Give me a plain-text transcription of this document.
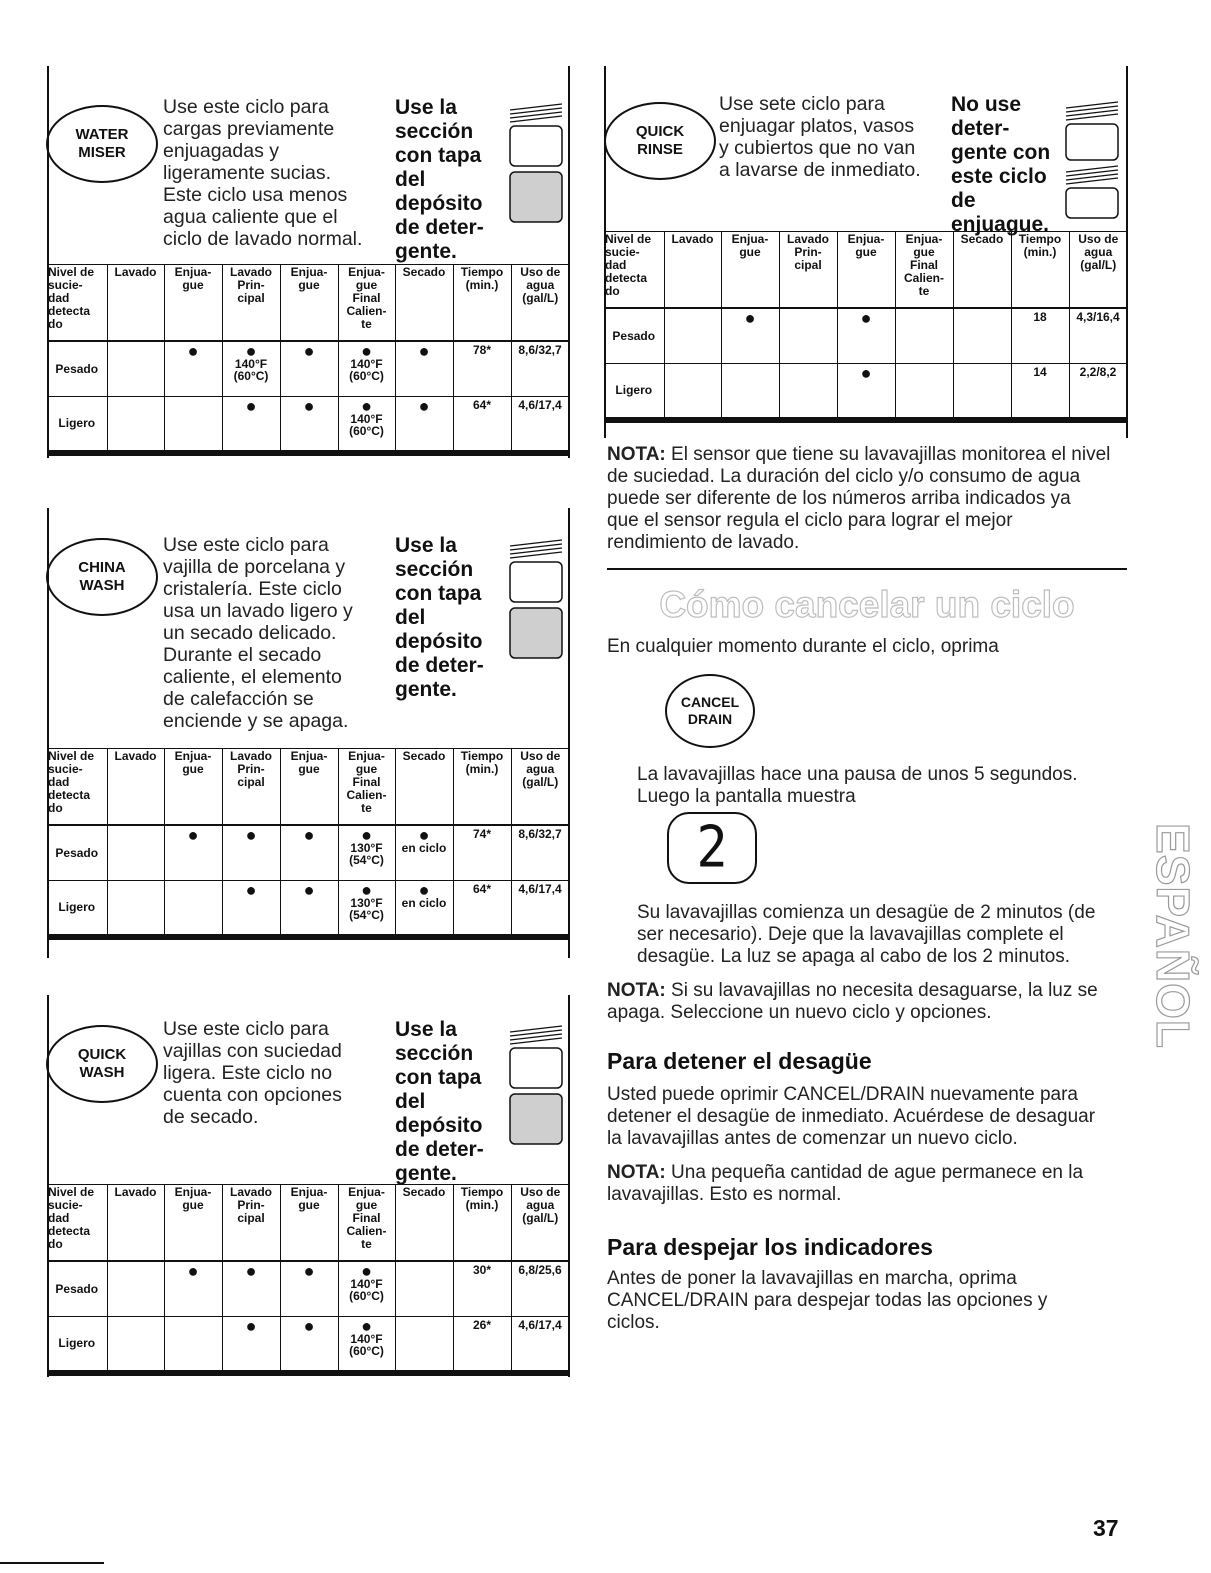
WATER
MISER
Use este ciclo para
cargas previamente
enjuagadas y
ligeramente sucias.
Este ciclo usa menos
agua caliente que el
ciclo de lavado normal.
Use la
sección
con tapa
del
depósito
de deter-
gente.
Nivel de
sucie-
dad
detecta
do	Lavado	Enjua-
gue	Lavado
Prin-
cipal	Enjua-
gue	Enjua-
gue
Final
Calien-
te	Secado	Tiempo
(min.)	Uso de
agua
(gal/L)
Pesado		●	●
140°F
(60°C)	●	●
140°F
(60°C)	●	78*	8,6/32,7
Ligero			●	●	●
140°F
(60°C)	●	64*	4,6/17,4
CHINA
WASH
Use este ciclo para
vajilla de porcelana y
cristalería. Este ciclo
usa un lavado ligero y
un secado delicado.
Durante el secado
caliente, el elemento
de calefacción se
enciende y se apaga.
Use la
sección
con tapa
del
depósito
de deter-
gente.
Nivel de
sucie-
dad
detecta
do	Lavado	Enjua-
gue	Lavado
Prin-
cipal	Enjua-
gue	Enjua-
gue
Final
Calien-
te	Secado	Tiempo
(min.)	Uso de
agua
(gal/L)
Pesado		●	●	●	●
130°F
(54°C)	●
en ciclo	74*	8,6/32,7
Ligero			●	●	●
130°F
(54°C)	●
en ciclo	64*	4,6/17,4
QUICK
WASH
Use este ciclo para
vajillas con suciedad
ligera. Este ciclo no
cuenta con opciones
de secado.
Use la
sección
con tapa
del
depósito
de deter-
gente.
Nivel de
sucie-
dad
detecta
do	Lavado	Enjua-
gue	Lavado
Prin-
cipal	Enjua-
gue	Enjua-
gue
Final
Calien-
te	Secado	Tiempo
(min.)	Uso de
agua
(gal/L)
Pesado		●	●	●	●
140°F
(60°C)		30*	6,8/25,6
Ligero			●	●	●
140°F
(60°C)		26*	4,6/17,4
QUICK
RINSE
Use sete ciclo para
enjuagar platos, vasos
y cubiertos que no van
a lavarse de inmediato.
No use
deter-
gente con
este ciclo
de
enjuague.
Nivel de
sucie-
dad
detecta
do	Lavado	Enjua-
gue	Lavado
Prin-
cipal	Enjua-
gue	Enjua-
gue
Final
Calien-
te	Secado	Tiempo
(min.)	Uso de
agua
(gal/L)
Pesado		●		●			18	4,3/16,4
Ligero				●			14	2,2/8,2
NOTA: El sensor que tiene su lavavajillas monitorea el nivel
de suciedad. La duración del ciclo y/o consumo de agua
puede ser diferente de los números arriba indicados ya
que el sensor regula el ciclo para lograr el mejor
rendimiento de lavado.
Cómo cancelar un ciclo
En cualquier momento durante el ciclo, oprima
CANCEL
DRAIN
La lavavajillas hace una pausa de unos 5 segundos.
Luego la pantalla muestra
2
Su lavavajillas comienza un desagüe de 2 minutos (de
ser necesario). Deje que la lavavajillas complete el
desagüe. La luz se apaga al cabo de los 2 minutos.
NOTA: Si su lavavajillas no necesita desaguarse, la luz se
apaga. Seleccione un nuevo ciclo y opciones.
Para detener el desagüe
Usted puede oprimir CANCEL/DRAIN nuevamente para
detener el desagüe de inmediato. Acuérdese de desaguar
la lavavajillas antes de comenzar un nuevo ciclo.
NOTA: Una pequeña cantidad de ague permanece en la
lavavajillas. Esto es normal.
Para despejar los indicadores
Antes de poner la lavavajillas en marcha, oprima
CANCEL/DRAIN para despejar todas las opciones y
ciclos.
ESPAÑOL
37
